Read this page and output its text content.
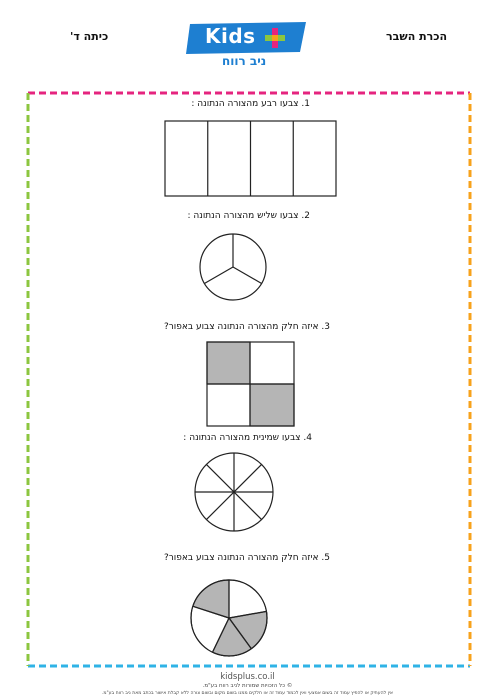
כיתה ד'	הכרת השבר
Kids
ניב רווח
1. צבעו רבע מהצורה הנתונה :
2. צבעו שליש מהצורה הנתונה :
3. איזה חלק מהצורה הנתונה צבוע באפור?
4. צבעו שמינית מהצורה הנתונה :
5. איזה חלק מהצורה הנתונה צבוע באפור?
kidsplus.co.il
© כל הזכויות שמורות לניב רווח בע"מ.
אין להעתיק או להפיץ עמוד זה בשום אמצעי ואין לכמוד עמוד זה או חלקים ממנו בשום מקום ובשום צורה ללא קבלת אישור בכתב מאת ניב רווח בע"מ.
